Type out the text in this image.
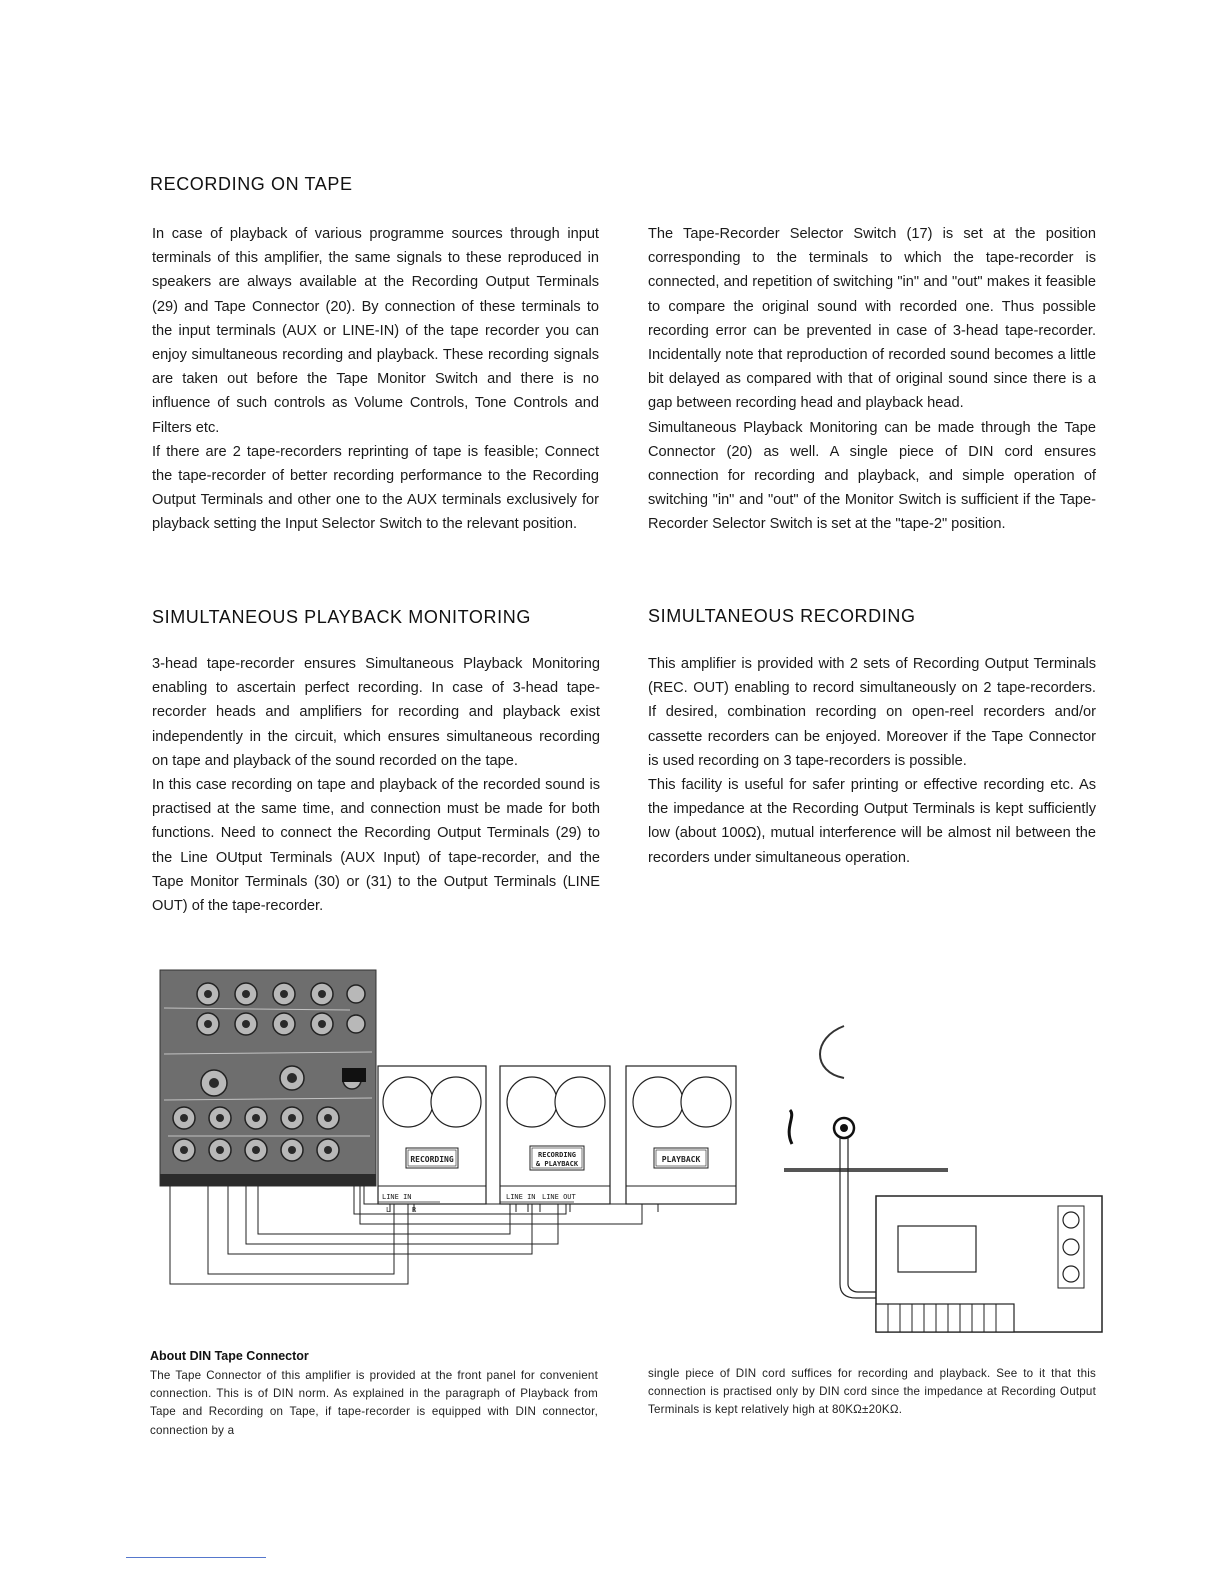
RECORDING ON TAPE

In case of playback of various programme sources through input terminals of this amplifier, the same signals to these reproduced in speakers are always available at the Recording Output Terminals (29) and Tape Connector (20). By connection of these terminals to the input terminals (AUX or LINE-IN) of the tape recorder you can enjoy simultaneous recording and playback. These recording signals are taken out before the Tape Monitor Switch and there is no influence of such controls as Volume Controls, Tone Controls and Filters etc.

If there are 2 tape-recorders reprinting of tape is feasible; Connect the tape-recorder of better recording performance to the Recording Output Terminals and other one to the AUX terminals exclusively for playback setting the Input Selector Switch to the relevant position.

The Tape-Recorder Selector Switch (17) is set at the position corresponding to the terminals to which the tape-recorder is connected, and repetition of switching "in" and "out" makes it feasible to compare the original sound with recorded one. Thus possible recording error can be prevented in case of 3-head tape-recorder. Incidentally note that reproduction of recorded sound becomes a little bit delayed as compared with that of original sound since there is a gap between recording head and playback head.

Simultaneous Playback Monitoring can be made through the Tape Connector (20) as well. A single piece of DIN cord ensures connection for recording and playback, and simple operation of switching "in" and "out" of the Monitor Switch is sufficient if the Tape-Recorder Selector Switch is set at the "tape-2" position.

SIMULTANEOUS PLAYBACK MONITORING	SIMULTANEOUS RECORDING

3-head tape-recorder ensures Simultaneous Playback Monitoring enabling to ascertain perfect recording. In case of 3-head tape-recorder heads and amplifiers for recording and playback exist independently in the circuit, which ensures simultaneous recording on tape and playback of the sound recorded on the tape.

In this case recording on tape and playback of the recorded sound is practised at the same time, and connection must be made for both functions. Need to connect the Recording Output Terminals (29) to the Line OUtput Terminals (AUX Input) of tape-recorder, and the Tape Monitor Terminals (30) or (31) to the Output Terminals (LINE OUT) of the tape-recorder.

This amplifier is provided with 2 sets of Recording Output Terminals (REC. OUT) enabling to record simultaneously on 2 tape-recorders. If desired, combination recording on open-reel recorders and/or cassette recorders can be enjoyed. Moreover if the Tape Connector is used recording on 3 tape-recorders is possible.

This facility is useful for safer printing or effective recording etc. As the impedance at the Recording Output Terminals is kept sufficiently low (about 100Ω), mutual interference will be almost nil between the recorders under simultaneous operation.

RECORDING
LINE IN
L	R
RECORDING
& PLAYBACK
LINE IN LINE OUT
PLAYBACK
About DIN Tape Connector
The Tape Connector of this amplifier is provided at the front panel for convenient connection. This is of DIN norm. As explained in the paragraph of Playback from Tape and Recording on Tape, if tape-recorder is equipped with DIN connector, connection by a
single piece of DIN cord suffices for recording and playback. See to it that this connection is practised only by DIN cord since the impedance at Recording Output Terminals is kept relatively high at 80KΩ±20KΩ.
